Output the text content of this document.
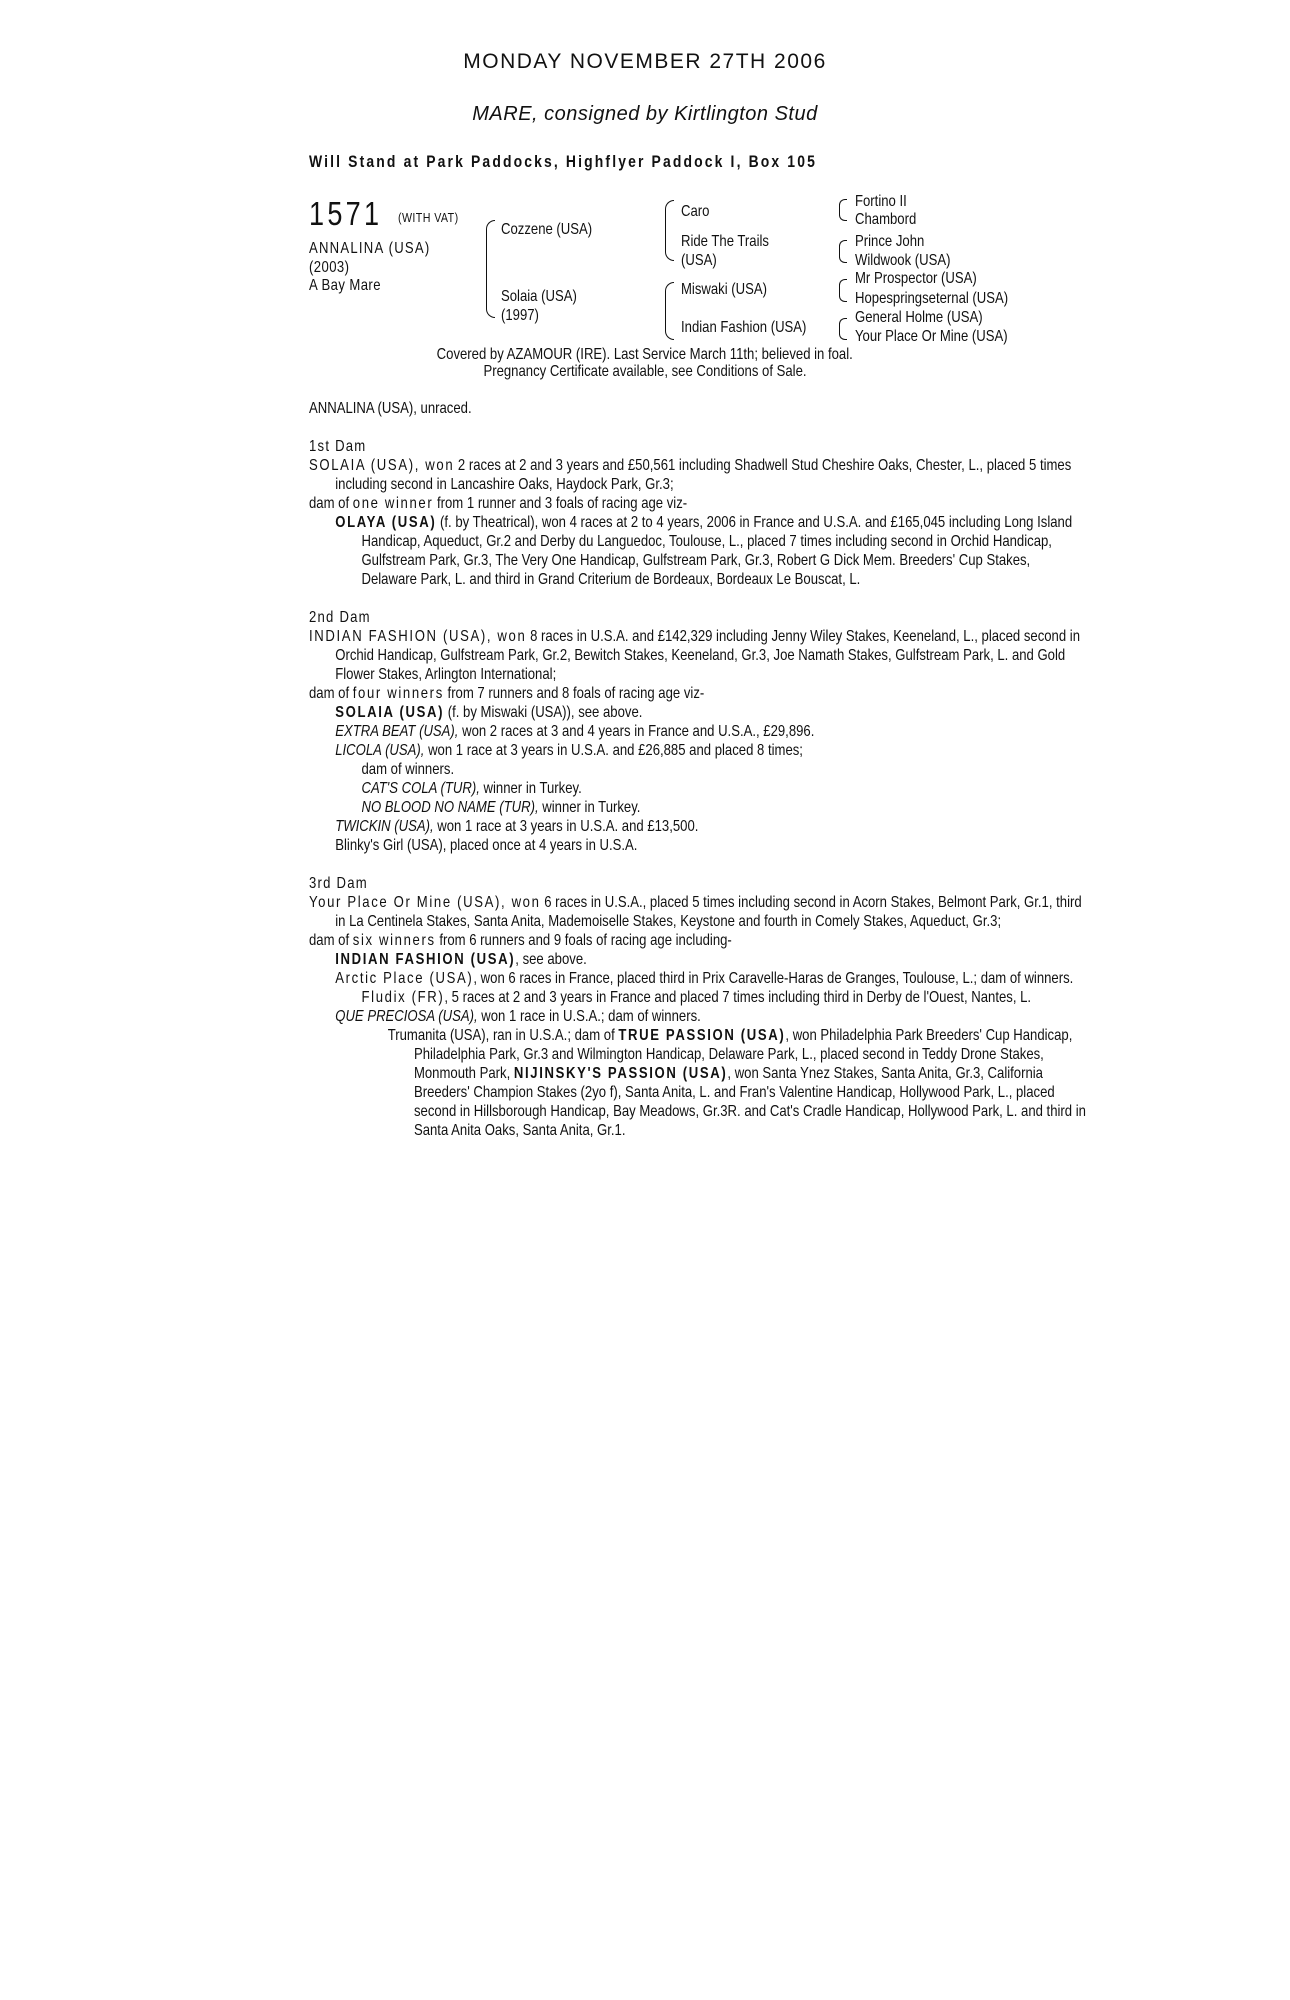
MONDAY NOVEMBER 27TH 2006
MARE, consigned by Kirtlington Stud
Will Stand at Park Paddocks, Highflyer Paddock I, Box 105
1571 (WITH VAT)
ANNALINA (USA)
(2003)
A Bay Mare
Cozzene (USA)
Solaia (USA)
(1997)
Caro
Ride The Trails
(USA)
Miswaki (USA)
Indian Fashion (USA)
Fortino II
Chambord
Prince John
Wildwook (USA)
Mr Prospector (USA)
Hopespringseternal (USA)
General Holme (USA)
Your Place Or Mine (USA)
Covered by AZAMOUR (IRE). Last Service March 11th; believed in foal.
Pregnancy Certificate available, see Conditions of Sale.

ANNALINA (USA), unraced.

1st Dam

SOLAIA (USA), won 2 races at 2 and 3 years and £50,561 including Shadwell Stud Cheshire Oaks, Chester, L., placed 5 times including second in Lancashire Oaks, Haydock Park, Gr.3;

dam of one winner from 1 runner and 3 foals of racing age viz-

OLAYA (USA) (f. by Theatrical), won 4 races at 2 to 4 years, 2006 in France and U.S.A. and £165,045 including Long Island Handicap, Aqueduct, Gr.2 and Derby du Languedoc, Toulouse, L., placed 7 times including second in Orchid Handicap, Gulfstream Park, Gr.3, The Very One Handicap, Gulfstream Park, Gr.3, Robert G Dick Mem. Breeders' Cup Stakes, Delaware Park, L. and third in Grand Criterium de Bordeaux, Bordeaux Le Bouscat, L.

2nd Dam

INDIAN FASHION (USA), won 8 races in U.S.A. and £142,329 including Jenny Wiley Stakes, Keeneland, L., placed second in Orchid Handicap, Gulfstream Park, Gr.2, Bewitch Stakes, Keeneland, Gr.3, Joe Namath Stakes, Gulfstream Park, L. and Gold Flower Stakes, Arlington International;

dam of four winners from 7 runners and 8 foals of racing age viz-

SOLAIA (USA) (f. by Miswaki (USA)), see above.

EXTRA BEAT (USA), won 2 races at 3 and 4 years in France and U.S.A., £29,896.

LICOLA (USA), won 1 race at 3 years in U.S.A. and £26,885 and placed 8 times;

dam of winners.

CAT'S COLA (TUR), winner in Turkey.

NO BLOOD NO NAME (TUR), winner in Turkey.

TWICKIN (USA), won 1 race at 3 years in U.S.A. and £13,500.

Blinky's Girl (USA), placed once at 4 years in U.S.A.

3rd Dam

Your Place Or Mine (USA), won 6 races in U.S.A., placed 5 times including second in Acorn Stakes, Belmont Park, Gr.1, third in La Centinela Stakes, Santa Anita, Mademoiselle Stakes, Keystone and fourth in Comely Stakes, Aqueduct, Gr.3;

dam of six winners from 6 runners and 9 foals of racing age including-

INDIAN FASHION (USA), see above.

Arctic Place (USA), won 6 races in France, placed third in Prix Caravelle-Haras de Granges, Toulouse, L.; dam of winners.

Fludix (FR), 5 races at 2 and 3 years in France and placed 7 times including third in Derby de l'Ouest, Nantes, L.

QUE PRECIOSA (USA), won 1 race in U.S.A.; dam of winners.

Trumanita (USA), ran in U.S.A.; dam of TRUE PASSION (USA), won Philadelphia Park Breeders' Cup Handicap, Philadelphia Park, Gr.3 and Wilmington Handicap, Delaware Park, L., placed second in Teddy Drone Stakes, Monmouth Park, NIJINSKY'S PASSION (USA), won Santa Ynez Stakes, Santa Anita, Gr.3, California Breeders' Champion Stakes (2yo f), Santa Anita, L. and Fran's Valentine Handicap, Hollywood Park, L., placed second in Hillsborough Handicap, Bay Meadows, Gr.3R. and Cat's Cradle Handicap, Hollywood Park, L. and third in Santa Anita Oaks, Santa Anita, Gr.1.
